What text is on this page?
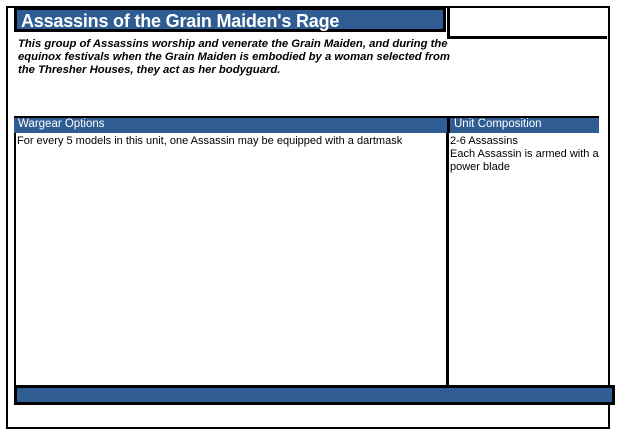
Assassins of the Grain Maiden's Rage
This group of Assassins worship and venerate the Grain Maiden, and during the equinox festivals when the Grain Maiden is embodied by a woman selected from the Thresher Houses, they act as her bodyguard.
Wargear Options	Unit Composition
For every 5 models in this unit, one Assassin may be equipped with a dartmask	2-6 Assassins
Each Assassin is armed with a power blade
